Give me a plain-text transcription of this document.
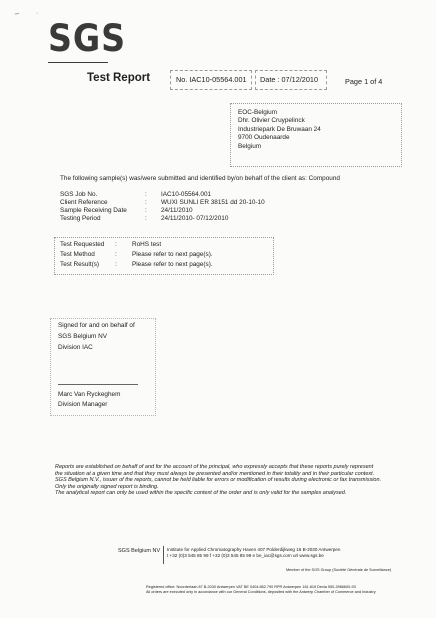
∽ ·
SGS
Test Report	No. IAC10-05564.001 Date : 07/12/2010	Page 1 of 4
EOC-Belgium
Dhr. Olivier Cruypelinck
Industriepark De Bruwaan 24
9700 Oudenaarde
Belgium
The following sample(s) was/were submitted and identified by/on behalf of the client as: Compound
SGS Job No.	: IAC10-05564.001
Client Reference	: WUXI SUNLI ER 38151 dd 20-10-10
Sample Receiving Date	: 24/11/2010
Testing Period	: 24/11/2010- 07/12/2010
Test Requested : RoHS test
Test Method	: Please refer to next page(s).
Test Result(s) : Please refer to next page(s).
Signed for and on behalf of
SGS Belgium NV
Division IAC
Marc Van Ryckeghem
Division Manager
Reports are established on behalf of and for the account of the principal, who expressly accepts that these reports purely represent
the situation at a given time and that they must always be presented and/or mentioned in their totality and in their particular context.
SGS Belgium N.V., issuer of the reports, cannot be held liable for errors or modification of results during electronic or fax transmission.
Only the originally signed report is binding.
The analytical report can only be used within the specific context of the order and is only valid for the samples analysed.
SGS Belgium NV Institute for Applied Chromatography Haven 407 Polderdijkweg 16 B-2030 Antwerpen
t +32 (0)3 545 85 99 f +32 (0)3 545 85 99 e be_iac@sgs.com url www.sgs.be
Member of the SGS Group (Société Générale de Surveillance)
Registered office: Noorderlaan 87 B-2030 Antwerpen VAT BE 0404.862.790 RPR Antwerpen 161.819 Dexia 550-3966600-93
All orders are executed only in accordance with our General Conditions, deposited with the Antwerp Chamber of Commerce and Industry
